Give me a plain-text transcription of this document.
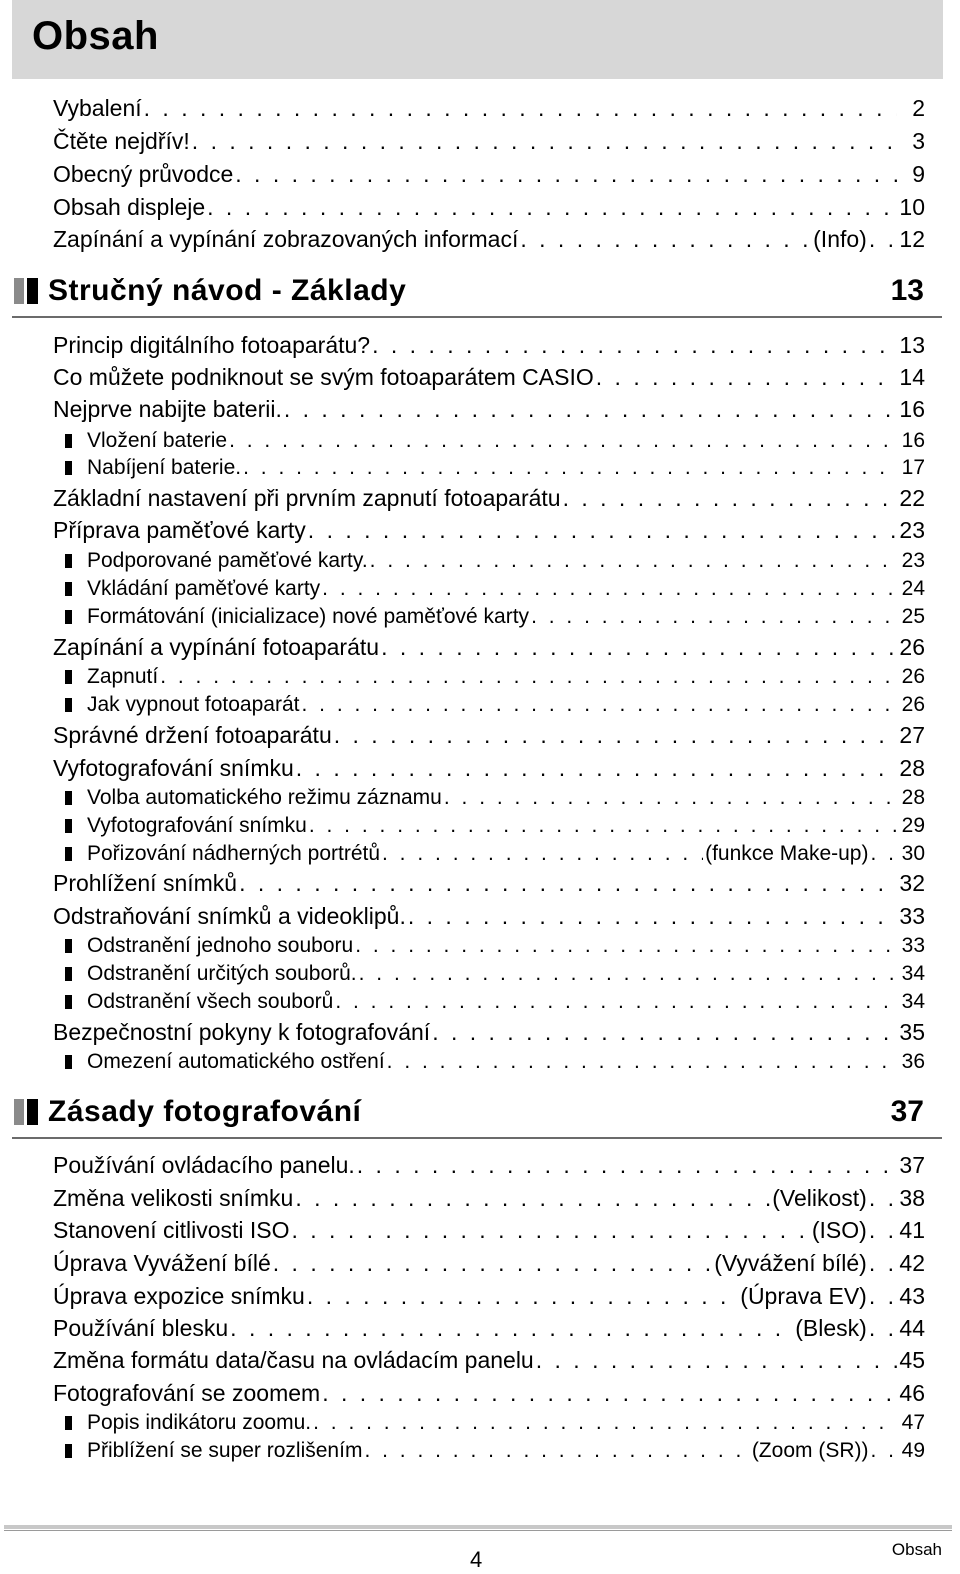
Obsah
Vybalení . . .	2
Čtěte nejdřív! . . .	3
Obecný průvodce . . .	9
Obsah displeje . . .	10
Zapínání a vypínání zobrazovaných informací . . .	(Info) . . 12
Stručný návod - Základy	13
Princip digitálního fotoaparátu? . . .	13
Co můžete podniknout se svým fotoaparátem CASIO . . .	14
Nejprve nabijte baterii. . . .	16
Vložení baterie . . .	16
Nabíjení baterie. . . .	17
Základní nastavení při prvním zapnutí fotoaparátu . . .	22
Příprava paměťové karty . . .	23
Podporované paměťové karty. . . .	23
Vkládání paměťové karty . . .	24
Formátování (inicializace) nové paměťové karty . . .	25
Zapínání a vypínání fotoaparátu . . .	26
Zapnutí . . .	26
Jak vypnout fotoaparát . . .	26
Správné držení fotoaparátu . . .	27
Vyfotografování snímku . . .	28
Volba automatického režimu záznamu . . .	28
Vyfotografování snímku . . .	29
Pořizování nádherných portrétů . . .	(funkce Make-up) . . 30
Prohlížení snímků . . .	32
Odstraňování snímků a videoklipů. . . .	33
Odstranění jednoho souboru . . .	33
Odstranění určitých souborů. . . .	34
Odstranění všech souborů . . .	34
Bezpečnostní pokyny k fotografování . . .	35
Omezení automatického ostření . . .	36
Zásady fotografování	37
Používání ovládacího panelu. . . .	37
Změna velikosti snímku . . .	(Velikost) . . 38
Stanovení citlivosti ISO . . .	(ISO) . . 41
Úprava Vyvážení bílé . . .	(Vyvážení bílé) . . 42
Úprava expozice snímku . . .	(Úprava EV) . . 43
Používání blesku . . .	(Blesk) . . 44
Změna formátu data/času na ovládacím panelu . . .	45
Fotografování se zoomem . . .	46
Popis indikátoru zoomu. . . .	47
Přiblížení se super rozlišením . . .	(Zoom (SR)) . . 49
4	Obsah
